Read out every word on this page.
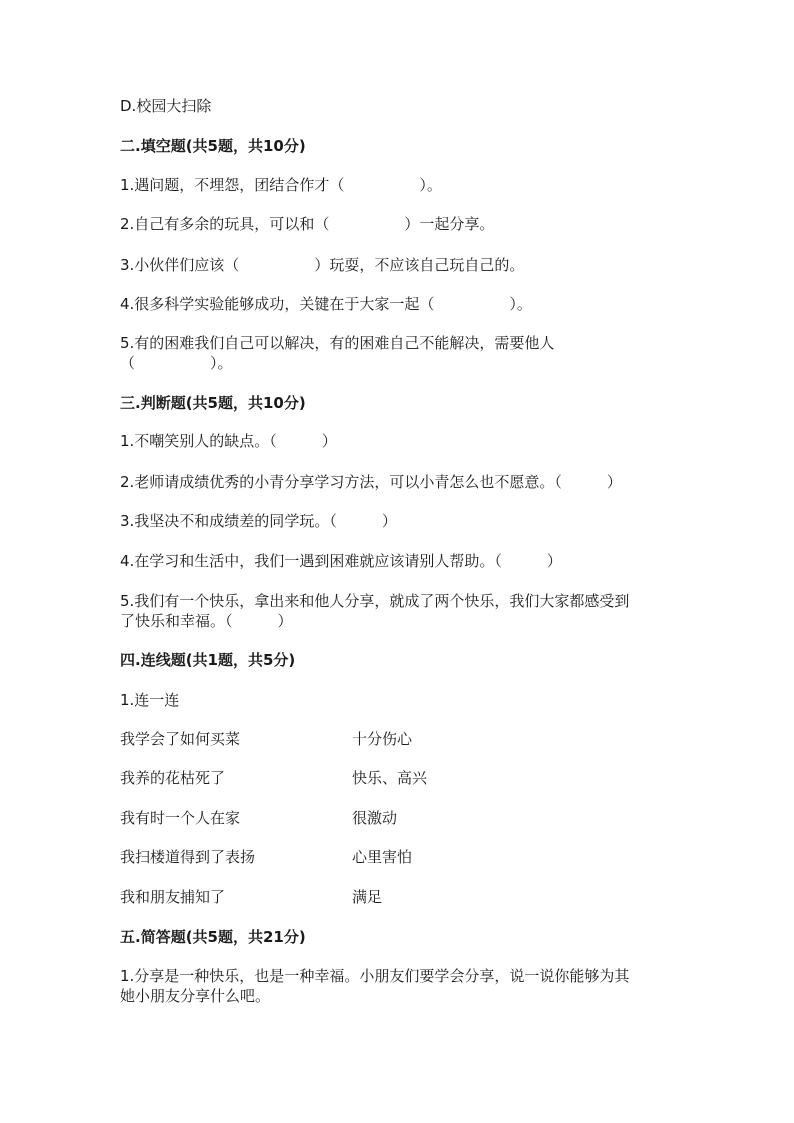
D.校园大扫除
二.填空题(共5题，共10分)
1.遇问题，不埋怨，团结合作才（　　　　　）。
2.自己有多余的玩具，可以和（　　　　　）一起分享。
3.小伙伴们应该（　　　　　）玩耍，不应该自己玩自己的。
4.很多科学实验能够成功，关键在于大家一起（　　　　　）。
5.有的困难我们自己可以解决，有的困难自己不能解决，需要他人
（　　　　　）。
三.判断题(共5题，共10分)
1.不嘲笑别人的缺点。（　　　）
2.老师请成绩优秀的小青分享学习方法，可以小青怎么也不愿意。（　　　）
3.我坚决不和成绩差的同学玩。（　　　）
4.在学习和生活中，我们一遇到困难就应该请别人帮助。（　　　）
5.我们有一个快乐，拿出来和他人分享，就成了两个快乐，我们大家都感受到
了快乐和幸福。（　　　）
四.连线题(共1题，共5分)
1.连一连
我学会了如何买菜	十分伤心
我养的花枯死了	快乐、高兴
我有时一个人在家	很激动
我扫楼道得到了表扬	心里害怕
我和朋友捕知了	满足
五.简答题(共5题，共21分)
1.分享是一种快乐，也是一种幸福。小朋友们要学会分享，说一说你能够为其
她小朋友分享什么吧。
